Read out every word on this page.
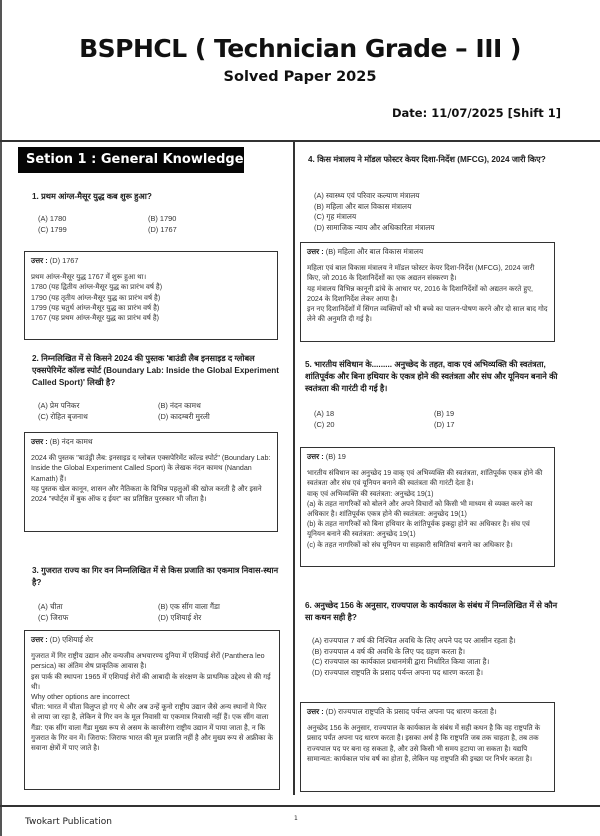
BSPHCL ( Technician Grade – III )
Solved Paper 2025
Date: 11/07/2025 [Shift 1]
Setion 1 : General Knowledge
1. प्रथम आंग्ल-मैसूर युद्ध कब शुरू हुआ?
(A) 1780	(B) 1790
(C) 1799	(D) 1767
उत्तर : (D) 1767
प्रथम आंग्ल-मैसूर युद्ध 1767 में शुरू हुआ था।
1780 (यह द्वितीय आंग्ल-मैसूर युद्ध का प्रारंभ वर्ष है)
1790 (यह तृतीय आंग्ल-मैसूर युद्ध का प्रारंभ वर्ष है)
1799 (यह चतुर्थ आंग्ल-मैसूर युद्ध का प्रारंभ वर्ष है)
1767 (यह प्रथम आंग्ल-मैसूर युद्ध का प्रारंभ वर्ष है)
2. निम्नलिखित में से किसने 2024 की पुस्तक 'बाउंडी लैब इनसाइड द ग्लोबल एक्सपेरिमेंट कॉल्ड स्पोर्ट (Boundary Lab: Inside the Global Experiment Called Sport)' लिखी है?
(A) प्रेम पनिकर	(B) नंदन कामथ
(C) रोहित बृजनाथ	(D) कादम्बरी मुरली
उत्तर : (B) नंदन कामथ
2024 की पुस्तक "बाउंड्री लैब: इनसाइड द ग्लोबल एक्सपेरिमेंट कॉल्ड स्पोर्ट" (Boundary Lab: Inside the Global Experiment Called Sport) के लेखक नंदन कामथ (Nandan Kamath) हैं।
यह पुस्तक खेल कानून, शासन और नैतिकता के विभिन्न पहलुओं की खोज करती है और इसने 2024 "स्पोर्ट्स में बुक ऑफ द ईयर" का प्रतिष्ठित पुरस्कार भी जीता है।
3. गुजरात राज्य का गिर वन निम्नलिखित में से किस प्रजाति का एकमात्र निवास-स्थान है?
(A) चीता	(B) एक सींग वाला गैंडा
(C) जिराफ	(D) एशियाई शेर
उत्तर : (D) एशियाई शेर
गुजरात में गिर राष्ट्रीय उद्यान और वन्यजीव अभयारण्य दुनिया में एशियाई शेरों (Panthera leo persica) का अंतिम शेष प्राकृतिक आवास है।
इस पार्क की स्थापना 1965 में एशियाई शेरों की आबादी के संरक्षण के प्राथमिक उद्देश्य से की गई थी।
Why other options are incorrect
चीता: भारत में चीता विलुप्त हो गए थे और अब उन्हें कूनो राष्ट्रीय उद्यान जैसे अन्य स्थानों मे फिर से लाया जा रहा है, लेकिन वे गिर वन के मूल निवासी या एकमात्र निवासी नहीं हैं। एक सींग वाला गैंडा: एक सींग वाला गैंडा मुख्य रूप से असम के काजीरंगा राष्ट्रीय उद्यान में पाया जाता है, न कि गुजरात के गिर वन में। जिराफ: जिराफ भारत की मूल प्रजाति नहीं है और मुख्य रूप से अफ्रीका के सवाना क्षेत्रों में पाए जाते है।
4. किस मंत्रालय ने मॉडल फोस्टर केयर दिशा-निर्देश (MFCG), 2024 जारी किए?
(A) स्वास्थ्य एवं परिवार कल्याण मंत्रालय
(B) महिला और बाल विकास मंत्रालय
(C) गृह मंत्रालय
(D) सामाजिक न्याय और अधिकारिता मंत्रालय
उत्तर : (B) महिला और बाल विकास मंत्रालय
महिला एवं बाल विकास मंत्रालय ने मॉडल फोस्टर केयर दिशा-निर्देश (MFCG), 2024 जारी किए, जो 2016 के दिशानिर्देशों का एक अद्यतन संस्करण है।
यह मंत्रालय विभिन्न कानूनी ढांचे के आधार पर, 2016 के दिशानिर्देशों को अद्यतन करते हुए, 2024 के दिशानिर्देश लेकर आया है।
इन नए दिशानिर्देशों में सिंगल व्यक्तियों को भी बच्चे का पालन-पोषण करने और दो साल बाद गोद लेने की अनुमति दी गई है।
5. भारतीय संविधान के......... अनुच्छेद के तहत, वाक एवं अभिव्यक्ति की स्वतंत्रता, शांतिपूर्वक और बिना हथियार के एकत्र होने की स्वतंत्रता और संघ और यूनियन बनाने की स्वतंत्रता की गारंटी दी गई है।
(A) 18	(B) 19
(C) 20	(D) 17
उत्तर : (B) 19
भारतीय संविधान का अनुच्छेद 19 वाक् एवं अभिव्यक्ति की स्वतंत्रता, शांतिपूर्वक एकत्र होने की स्वतंत्रता और संघ एवं यूनियन बनाने की स्वतंत्रता की गारंटी देता है।
वाक् एवं अभिव्यक्ति की स्वतंत्रता: अनुच्छेद 19(1)
(a) के तहत नागरिकों को बोलने और अपने विचारों को किसी भी माध्यम से व्यक्त करने का अधिकार है। शांतिपूर्वक एकत्र होने की स्वतंत्रता: अनुच्छेद 19(1)
(b) के तहत नागरिकों को बिना हथियार के शांतिपूर्वक इकट्ठा होने का अधिकार है। संघ एवं यूनियन बनाने की स्वतंत्रता: अनुच्छेद 19(1)
(c) के तहत नागरिकों को संघ यूनियन या सहकारी समितियां बनाने का अधिकार है।
6. अनुच्छेद 156 के अनुसार, राज्यपाल के कार्यकाल के संबंध में निम्नलिखित में से कौन सा कथन सही है?
(A) राज्यपाल 7 वर्ष की निश्चित अवधि के लिए अपने पद पर आसीन रहता है।
(B) राज्यपाल 4 वर्ष की अवधि के लिए पद ग्रहण करता है।
(C) राज्यपाल का कार्यकाल प्रधानमंत्री द्वारा निर्धारित किया जाता है।
(D) राज्यपाल राष्ट्रपति के प्रसाद पर्यन्त अपना पद धारण करता है।
उत्तर : (D) राज्यपाल राष्ट्रपति के प्रसाद पर्यन्त अपना पद धारण करता है।
अनुच्छेद 156 के अनुसार, राज्यपाल के कार्यकाल के संबंध में सही कथन है कि वह राष्ट्रपति के प्रसाद पर्यंत अपना पद धारण करता है। इसका अर्थ है कि राष्ट्रपति जब तक चाहता है, तब तक राज्यपाल पद पर बना रह सकता है, और उसे किसी भी समय हटाया जा सकता है। यद्यपि सामान्यत: कार्यकाल पांच वर्ष का होता है, लेकिन यह राष्ट्रपति की इच्छा पर निर्भर करता है।
Twokart Publication	1
